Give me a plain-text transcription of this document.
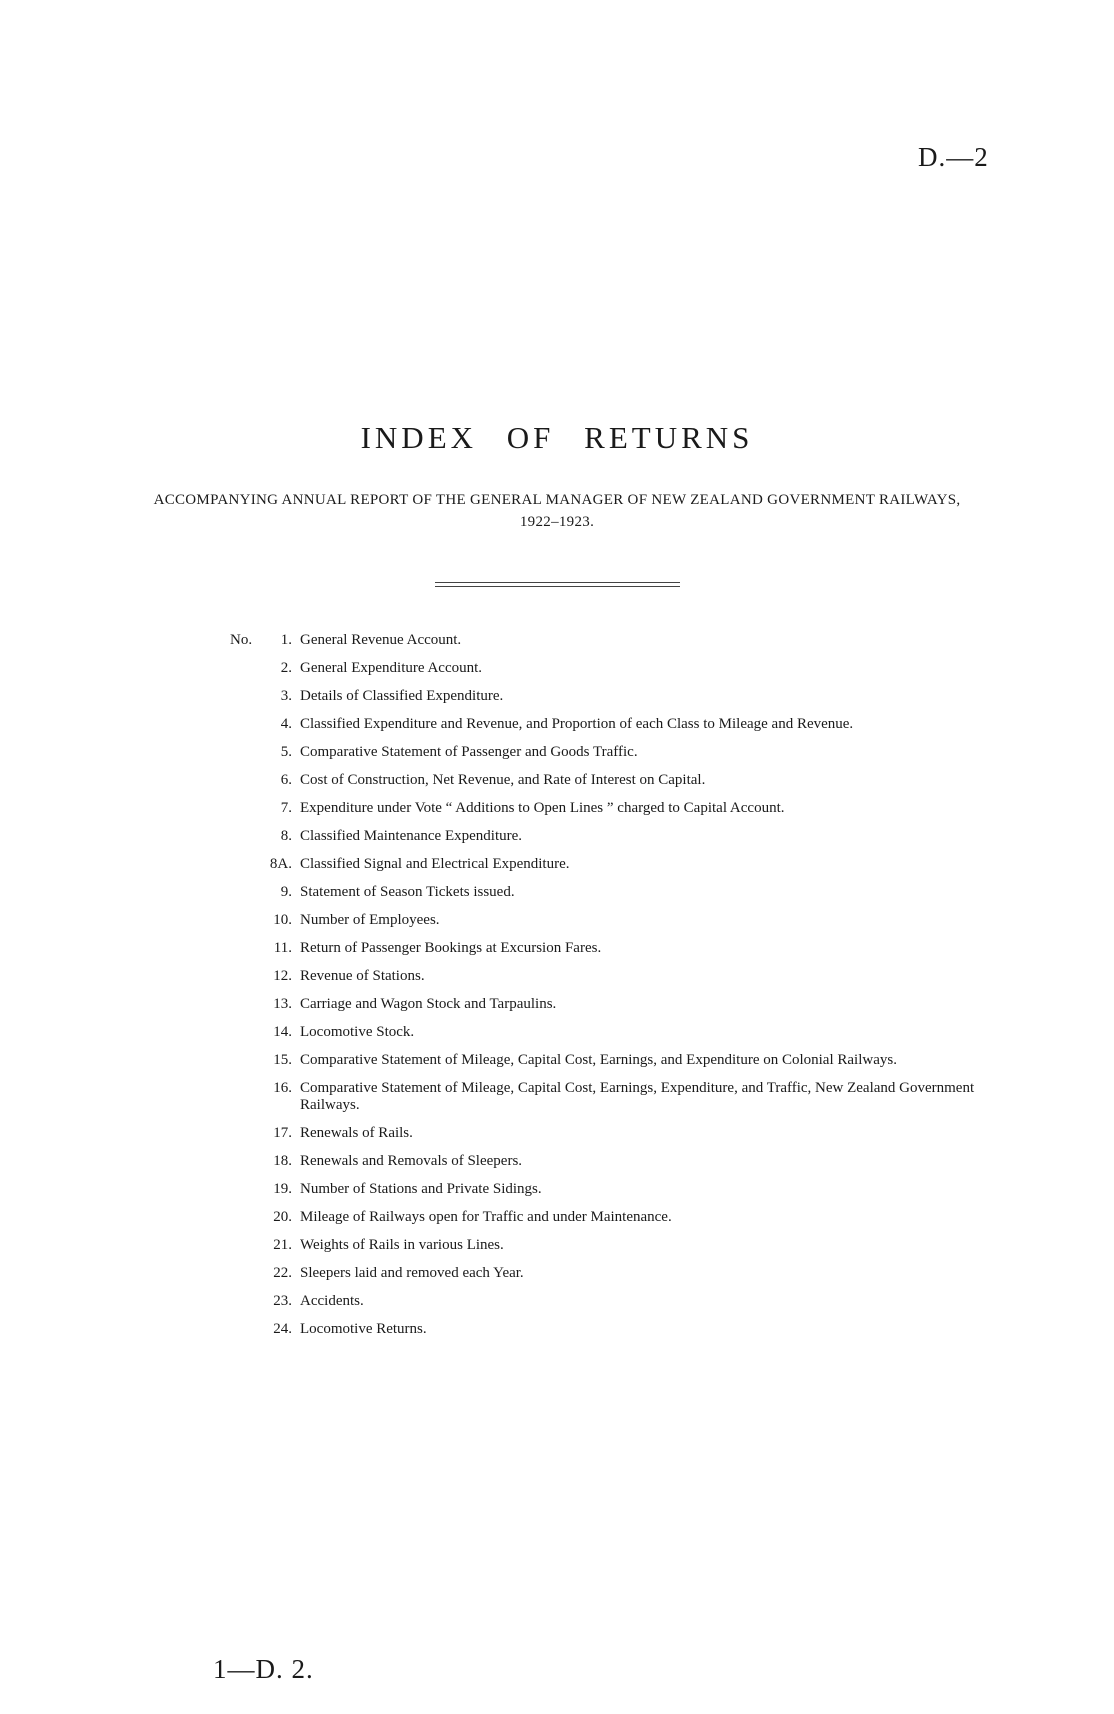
D.—2
INDEX OF RETURNS
ACCOMPANYING ANNUAL REPORT OF THE GENERAL MANAGER OF NEW ZEALAND GOVERNMENT RAILWAYS, 1922–1923.
No.	1. General Revenue Account.
2. General Expenditure Account.
3. Details of Classified Expenditure.
4. Classified Expenditure and Revenue, and Proportion of each Class to Mileage and Revenue.
5. Comparative Statement of Passenger and Goods Traffic.
6. Cost of Construction, Net Revenue, and Rate of Interest on Capital.
7. Expenditure under Vote “ Additions to Open Lines ” charged to Capital Account.
8. Classified Maintenance Expenditure.
8A. Classified Signal and Electrical Expenditure.
9. Statement of Season Tickets issued.
10. Number of Employees.
11. Return of Passenger Bookings at Excursion Fares.
12. Revenue of Stations.
13. Carriage and Wagon Stock and Tarpaulins.
14. Locomotive Stock.
15. Comparative Statement of Mileage, Capital Cost, Earnings, and Expenditure on Colonial Railways.
16. Comparative Statement of Mileage, Capital Cost, Earnings, Expenditure, and Traffic, New Zealand Government Railways.
17. Renewals of Rails.
18. Renewals and Removals of Sleepers.
19. Number of Stations and Private Sidings.
20. Mileage of Railways open for Traffic and under Maintenance.
21. Weights of Rails in various Lines.
22. Sleepers laid and removed each Year.
23. Accidents.
24. Locomotive Returns.
1—D. 2.
